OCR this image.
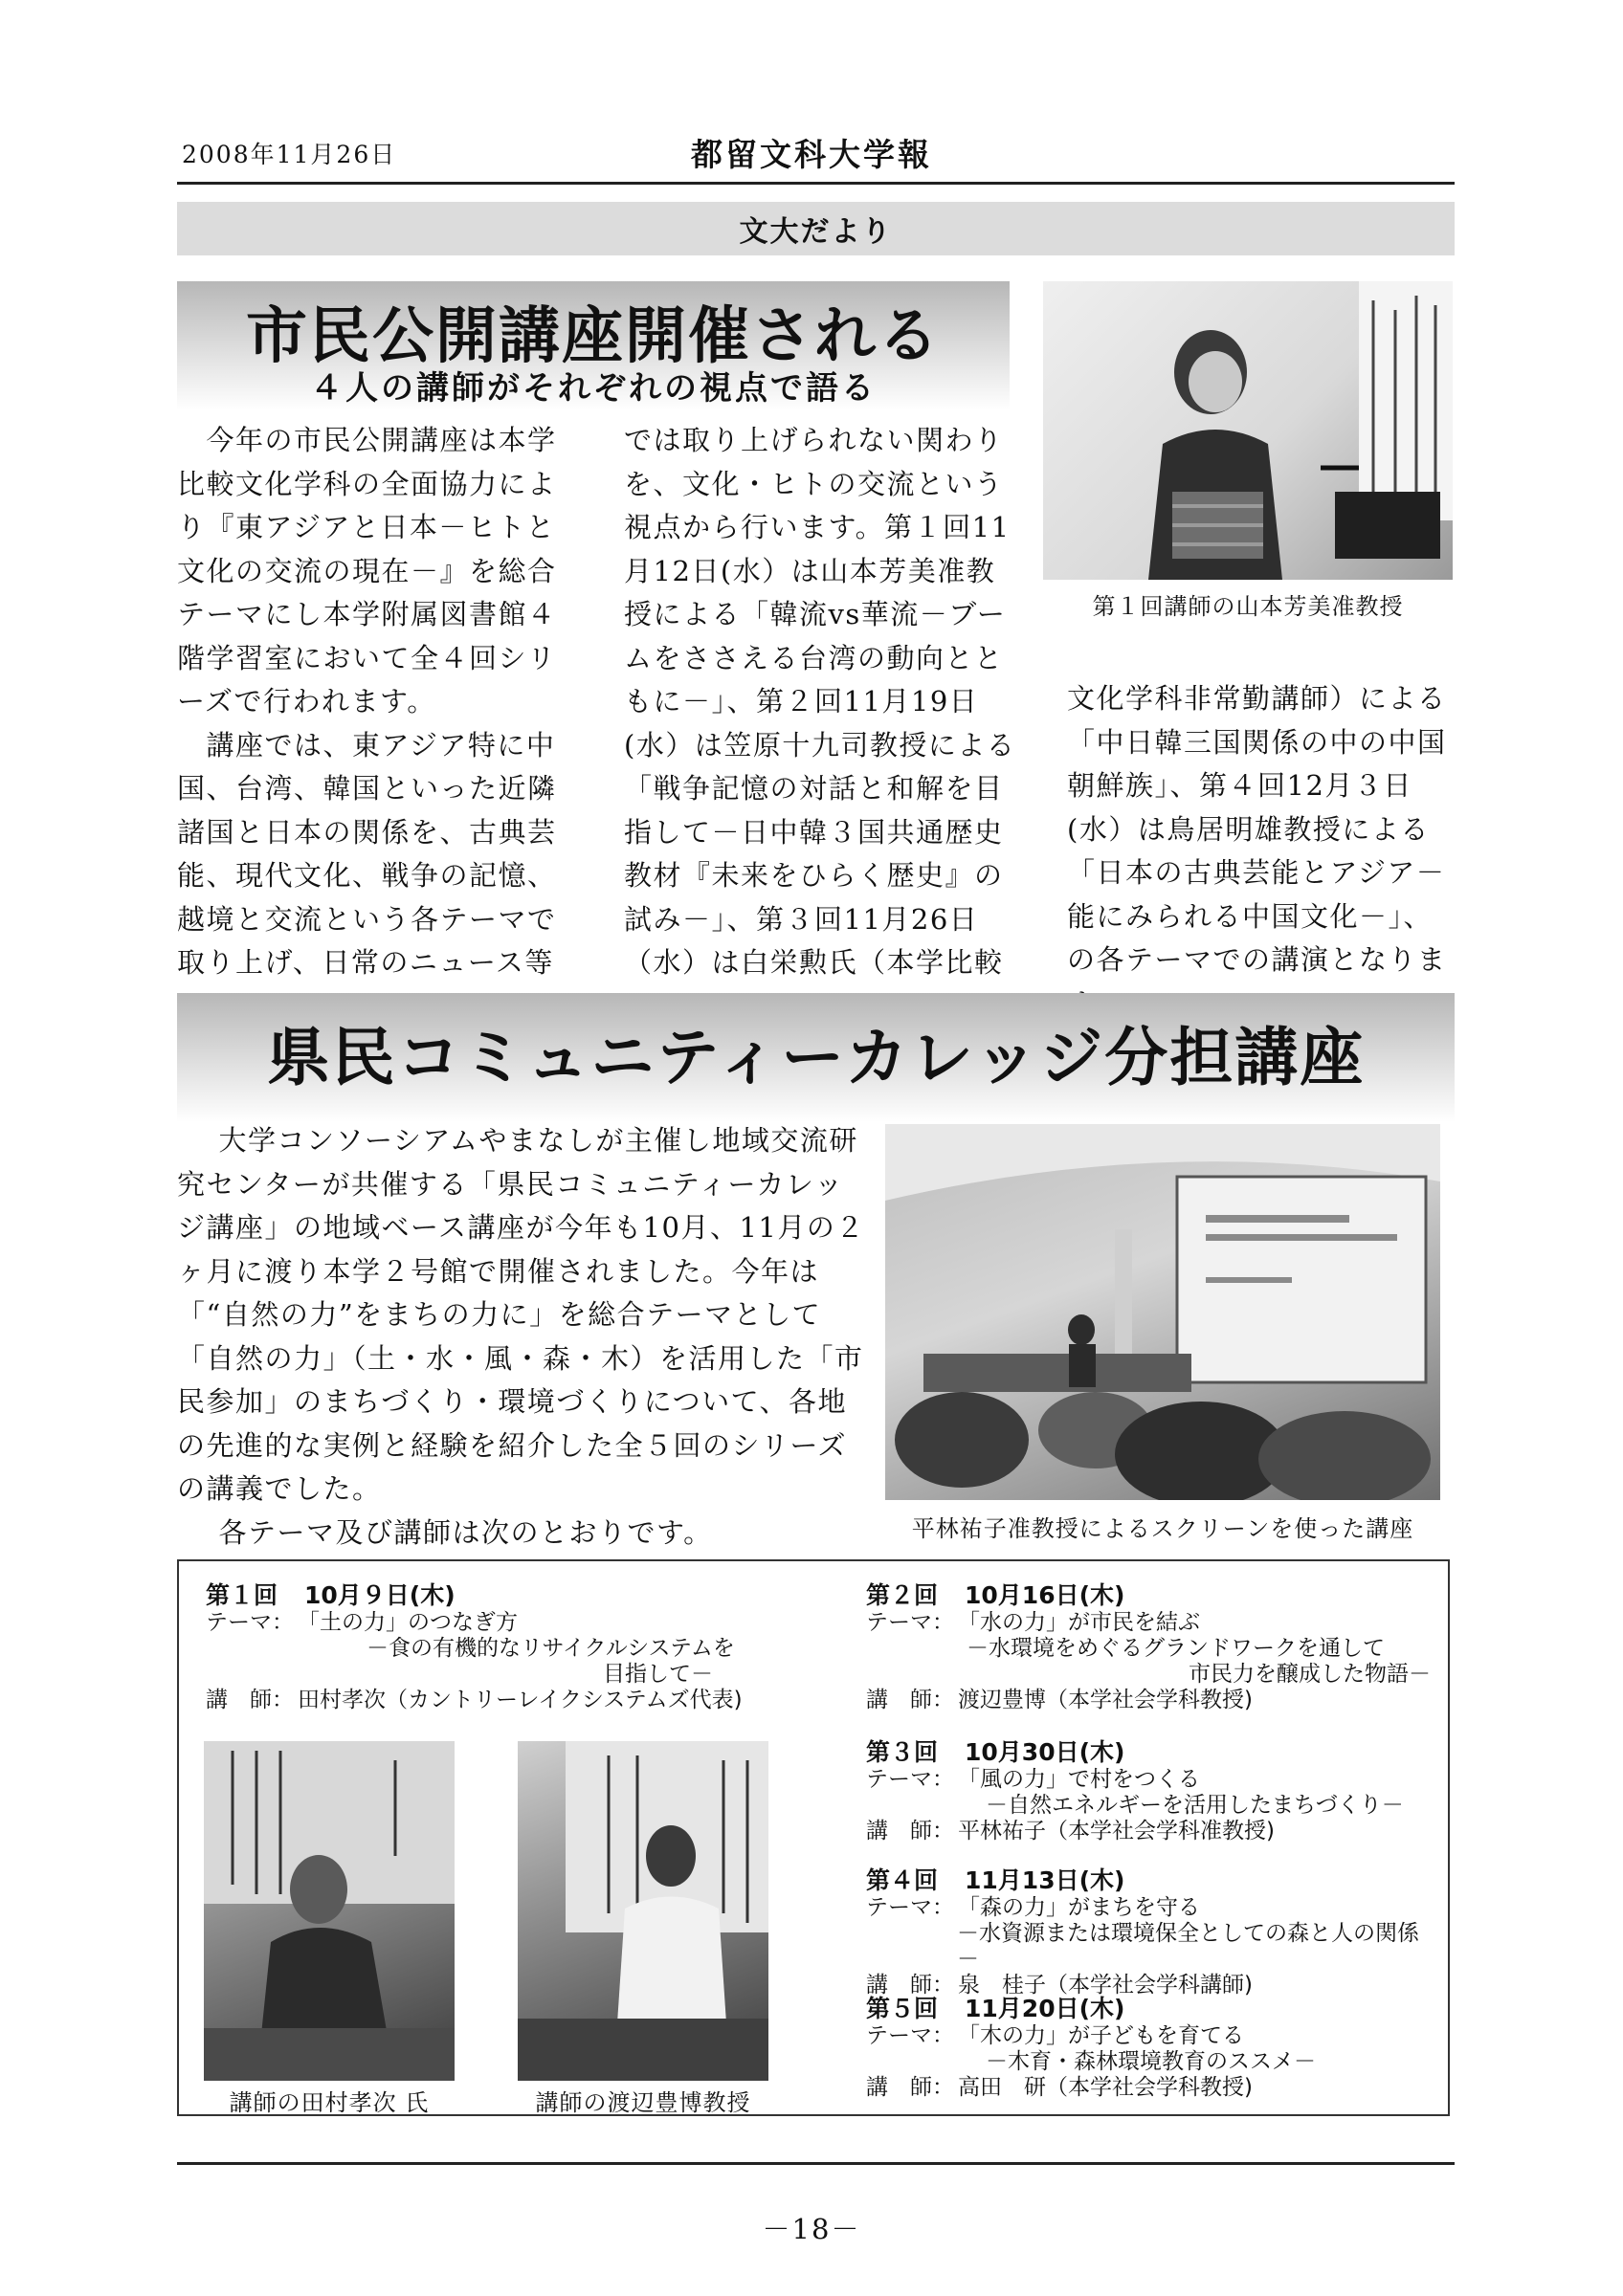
2008年11月26日	都留文科大学報
文大だより
市民公開講座開催される
４人の講師がそれぞれの視点で語る

　今年の市民公開講座は本学比較文化学科の全面協力により『東アジアと日本－ヒトと文化の交流の現在－』を総合テーマにし本学附属図書館４階学習室において全４回シリーズで行われます。

　講座では、東アジア特に中国、台湾、韓国といった近隣諸国と日本の関係を、古典芸能、現代文化、戦争の記憶、越境と交流という各テーマで取り上げ、日常のニュース等

では取り上げられない関わりを、文化・ヒトの交流という視点から行います。第１回11月12日(水）は山本芳美准教授による「韓流vs華流－ブームをささえる台湾の動向とともに－」、第２回11月19日(水）は笠原十九司教授による「戦争記憶の対話と和解を目指して－日中韓３国共通歴史教材『未来をひらく歴史』の試み－」、第３回11月26日（水）は白栄勲氏（本学比較

文化学科非常勤講師）による「中日韓三国関係の中の中国朝鮮族」、第４回12月３日(水）は鳥居明雄教授による「日本の古典芸能とアジア－能にみられる中国文化－」、の各テーマでの講演となりま

第１回講師の山本芳美准教授
県民コミュニティーカレッジ分担講座

大学コンソーシアムやまなしが主催し地域交流研究センターが共催する「県民コミュニティーカレッジ講座」の地域ベース講座が今年も10月、11月の２ヶ月に渡り本学２号館で開催されました。今年は「“自然の力”をまちの力に」を総合テーマとして「自然の力」（土・水・風・森・木）を活用した「市民参加」のまちづくり・環境づくりについて、各地の先進的な実例と経験を紹介した全５回のシリーズの講義でした。

各テーマ及び講師は次のとおりです。	平林祐子准教授によるスクリーンを使った講座
第１回 10月９日(木)
テーマ： 「土の力」のつなぎ方
－食の有機的なリサイクルシステムを
目指して－
講　師： 田村孝次（カントリーレイクシステムズ代表)
第２回 10月16日(木)
テーマ： 「水の力」が市民を結ぶ
－水環境をめぐるグランドワークを通して
市民力を醸成した物語－
講　師： 渡辺豊博（本学社会学科教授)
第３回 10月30日(木)
テーマ： 「風の力」で村をつくる
－自然エネルギーを活用したまちづくり－
講　師： 平林祐子（本学社会学科准教授)
第４回 11月13日(木)
テーマ： 「森の力」がまちを守る
－水資源または環境保全としての森と人の関係－
講　師： 泉　桂子（本学社会学科講師)
第５回 11月20日(木)
テーマ： 「木の力」が子どもを育てる
－木育・森林環境教育のススメ－
講　師： 高田　研（本学社会学科教授)
講師の田村孝次 氏	講師の渡辺豊博教授
－18－
